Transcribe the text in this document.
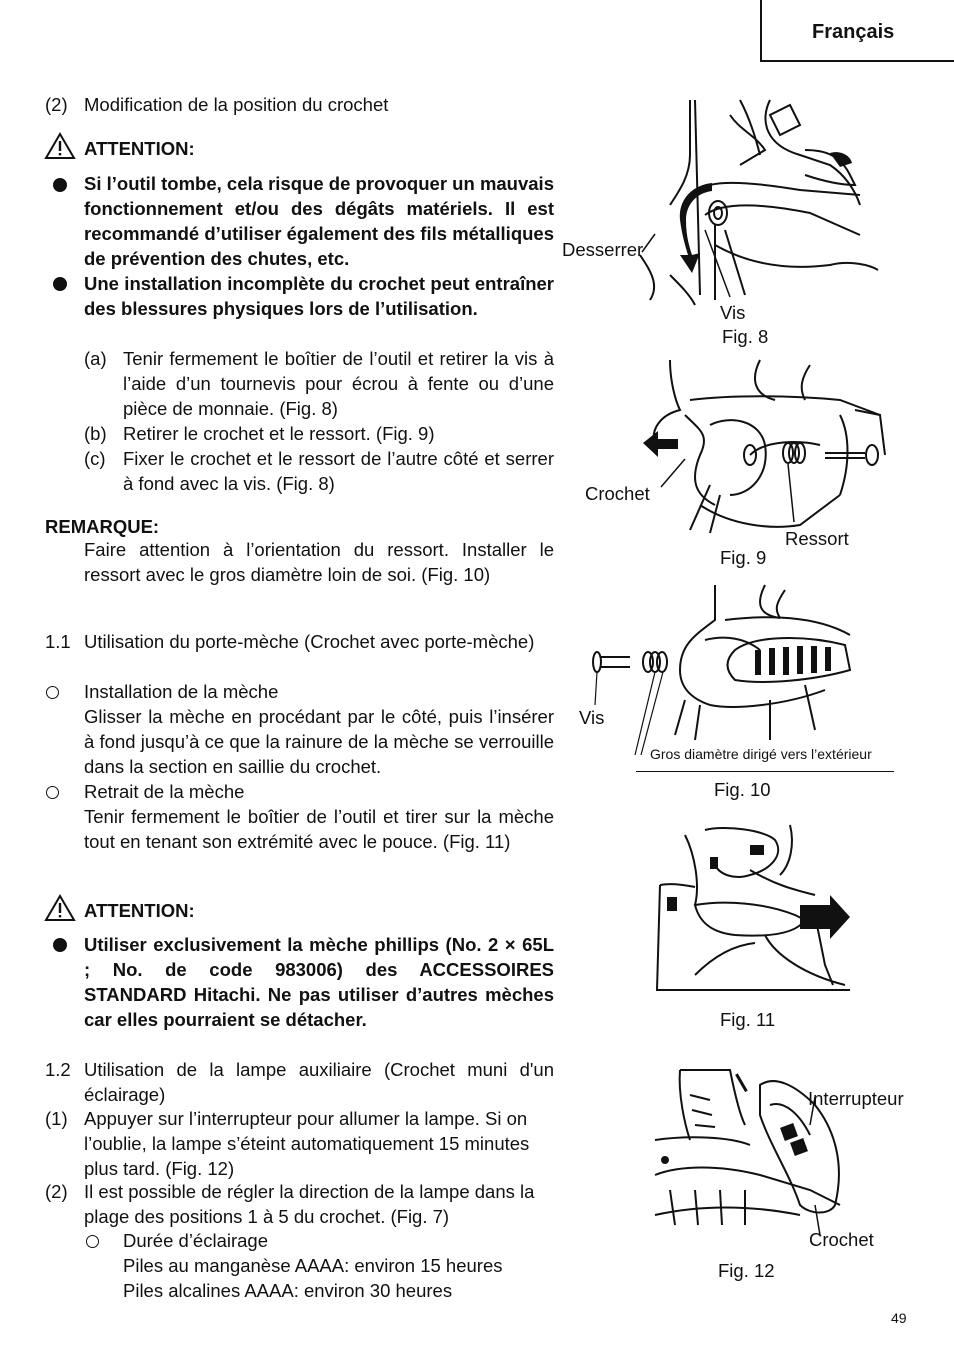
Français
(2) Modification de la position du crochet
ATTENTION:
Si l’outil tombe, cela risque de provoquer un mauvais fonctionnement et/ou des dégâts matériels. Il est recommandé d’utiliser également des fils métalliques de prévention des chutes, etc.
Une installation incomplète du crochet peut entraîner des blessures physiques lors de l’utilisation.
(a) Tenir fermement le boîtier de l’outil et retirer la vis à l’aide d’un tournevis pour écrou à fente ou d’une pièce de monnaie. (Fig. 8)
(b) Retirer le crochet et le ressort. (Fig. 9)
(c) Fixer le crochet et le ressort de l’autre côté et serrer à fond avec la vis. (Fig. 8)
REMARQUE:
Faire attention à l’orientation du ressort. Installer le ressort avec le gros diamètre loin de soi. (Fig. 10)
1.1 Utilisation du porte-mèche (Crochet avec porte-mèche)
Installation de la mèche
Glisser la mèche en procédant par le côté, puis l’insérer à fond jusqu’à ce que la rainure de la mèche se verrouille dans la section en saillie du crochet.
Retrait de la mèche
Tenir fermement le boîtier de l’outil et tirer sur la mèche tout en tenant son extrémité avec le pouce. (Fig. 11)
ATTENTION:
Utiliser exclusivement la mèche phillips (No. 2 × 65L ; No. de code 983006) des ACCESSOIRES STANDARD Hitachi. Ne pas utiliser d’autres mèches car elles pourraient se détacher.
1.2 Utilisation de la lampe auxiliaire (Crochet muni d'un éclairage)
(1) Appuyer sur l’interrupteur pour allumer la lampe. Si on l’oublie, la lampe s’éteint automatiquement 15 minutes plus tard. (Fig. 12)
(2) Il est possible de régler la direction de la lampe dans la plage des positions 1 à 5 du crochet. (Fig. 7)
Durée d’éclairage
Piles au manganèse AAAA: environ 15 heures
Piles alcalines AAAA: environ 30 heures
Desserrer
Vis
Fig. 8
Crochet
Ressort
Fig. 9
Vis
Gros diamètre dirigé vers l’extérieur
Fig. 10
Fig. 11
Interrupteur
Crochet
Fig. 12
49
